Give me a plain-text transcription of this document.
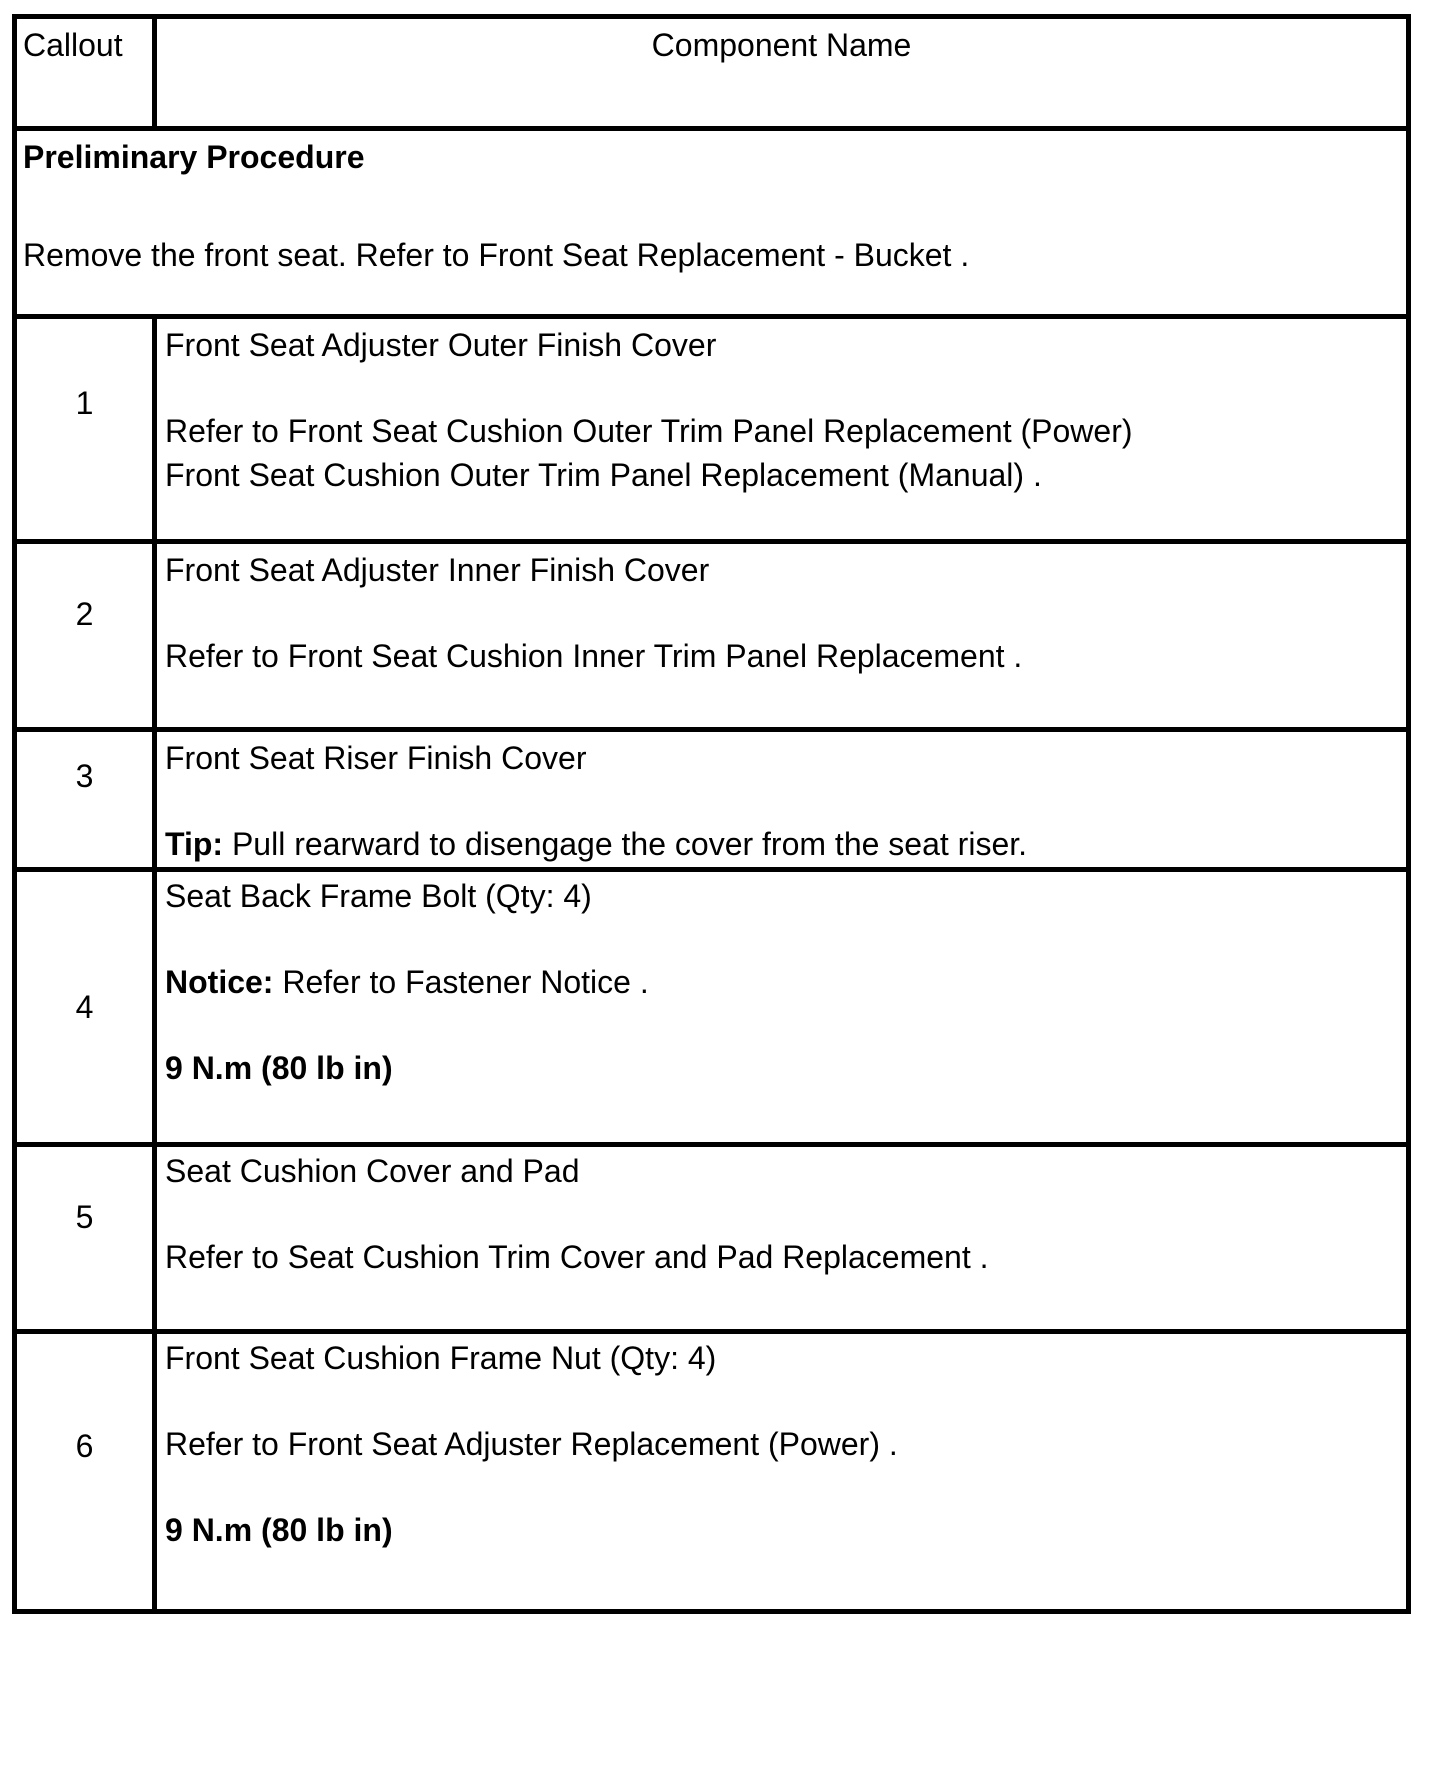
Callout	Component Name

Preliminary Procedure

Remove the front seat. Refer to Front Seat Replacement - Bucket .	

1	Front Seat Adjuster Outer Finish Cover

Refer to Front Seat Cushion Outer Trim Panel Replacement (Power)

Front Seat Cushion Outer Trim Panel Replacement (Manual) .

2	Front Seat Adjuster Inner Finish Cover

Refer to Front Seat Cushion Inner Trim Panel Replacement .

3	Front Seat Riser Finish Cover

Tip: Pull rearward to disengage the cover from the seat riser.

4	Seat Back Frame Bolt (Qty: 4)

Notice: Refer to Fastener Notice .

9 N.m (80 lb in)

5	Seat Cushion Cover and Pad

Refer to Seat Cushion Trim Cover and Pad Replacement .

6	Front Seat Cushion Frame Nut (Qty: 4)

Refer to Front Seat Adjuster Replacement (Power) .

9 N.m (80 lb in)
